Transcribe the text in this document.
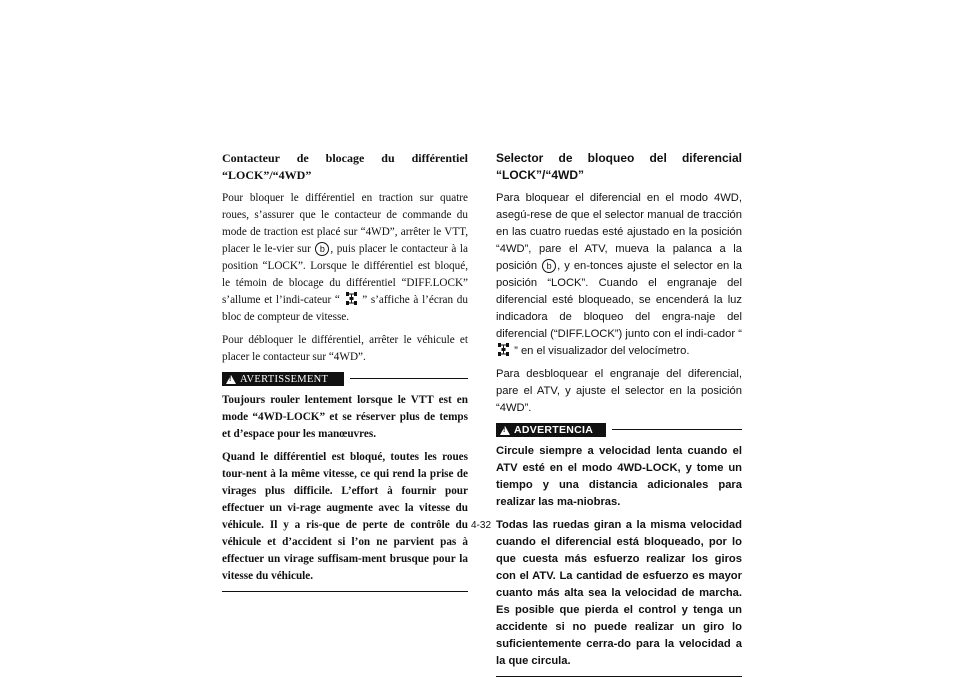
Contacteur de blocage du différentiel
“LOCK”/“4WD”

Pour bloquer le différentiel en traction sur quatre roues, s’assurer que le contacteur de commande du mode de traction est placé sur “4WD”, arrêter le VTT, placer le le-vier sur b , puis placer le contacteur à la position “LOCK”. Lorsque le différentiel est bloqué, le témoin de blocage du différentiel “DIFF.LOCK” s’allume et l’indi-cateur “  ” s’affiche à l’écran du bloc de compteur de vitesse.

Pour débloquer le différentiel, arrêter le véhicule et placer le contacteur sur “4WD”.

!
AVERTISSEMENT

Toujours rouler lentement lorsque le VTT est en mode “4WD-LOCK” et se réserver plus de temps et d’espace pour les manœuvres.

Quand le différentiel est bloqué, toutes les roues tour-nent à la même vitesse, ce qui rend la prise de virages plus difficile. L’effort à fournir pour effectuer un vi-rage augmente avec la vitesse du véhicule. Il y a ris-que de perte de contrôle du véhicule et d’accident si l’on ne parvient pas à effectuer un virage suffisam-ment brusque pour la vitesse du véhicule.

Selector de bloqueo del diferencial
“LOCK”/“4WD”

Para bloquear el diferencial en el modo 4WD, asegú-rese de que el selector manual de tracción en las cuatro ruedas esté ajustado en la posición “4WD”, pare el ATV, mueva la palanca a la posición b , y en-tonces ajuste el selector en la posición “LOCK”. Cuando el engranaje del diferencial esté bloqueado, se encenderá la luz indicadora de bloqueo del engra-naje del diferencial (“DIFF.LOCK”) junto con el indi-cador “  ” en el visualizador del velocímetro.

Para desbloquear el engranaje del diferencial, pare el ATV, y ajuste el selector en la posición “4WD”.

!
ADVERTENCIA

Circule siempre a velocidad lenta cuando el ATV esté en el modo 4WD-LOCK, y tome un tiempo y una distancia adicionales para realizar las ma-niobras.

Todas las ruedas giran a la misma velocidad cuando el diferencial está bloqueado, por lo que cuesta más esfuerzo realizar los giros con el ATV. La cantidad de esfuerzo es mayor cuanto más alta sea la velocidad de marcha. Es posible que pierda el control y tenga un accidente si no puede realizar un giro lo suficientemente cerra-do para la velocidad a la que circula.

4-32
